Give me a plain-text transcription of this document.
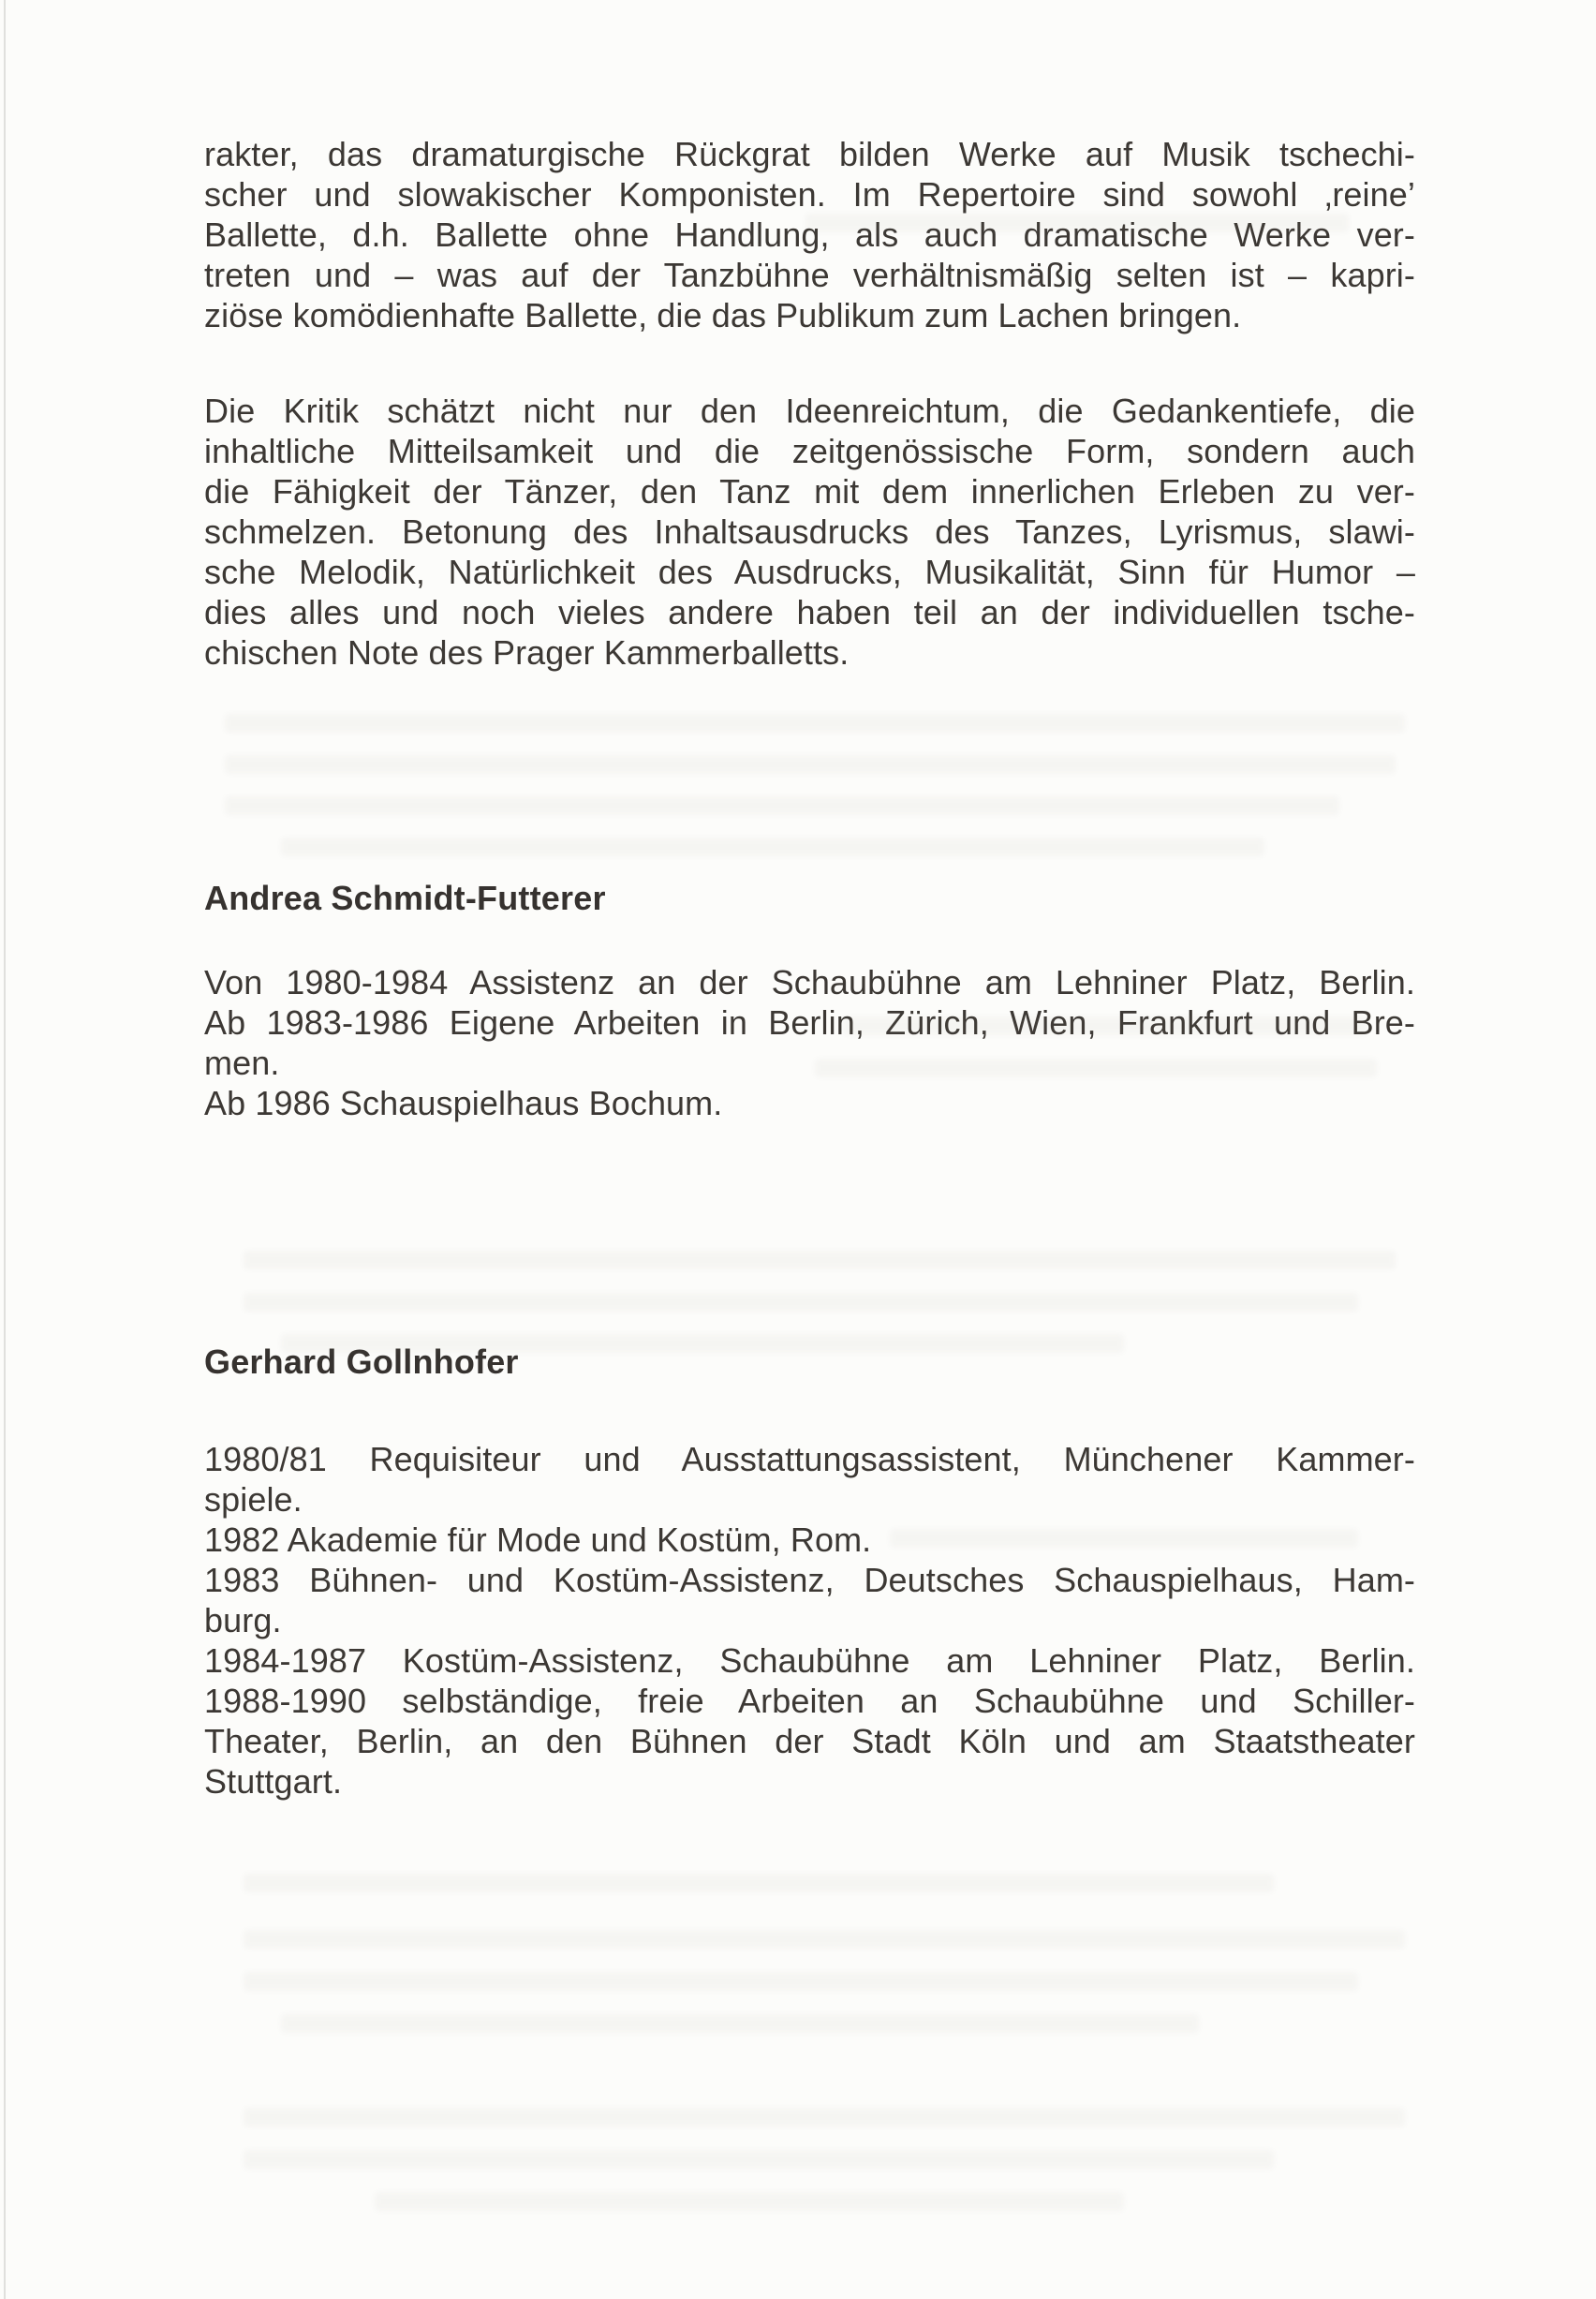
rakter, das dramaturgische Rückgrat bilden Werke auf Musik tschechi-
scher und slowakischer Komponisten. Im Repertoire sind sowohl ‚reine’
Ballette, d.h. Ballette ohne Handlung, als auch dramatische Werke ver-
treten und – was auf der Tanzbühne verhältnismäßig selten ist – kapri-
ziöse komödienhafte Ballette, die das Publikum zum Lachen bringen.
Die Kritik schätzt nicht nur den Ideenreichtum, die Gedankentiefe, die
inhaltliche Mitteilsamkeit und die zeitgenössische Form, sondern auch
die Fähigkeit der Tänzer, den Tanz mit dem innerlichen Erleben zu ver-
schmelzen. Betonung des Inhaltsausdrucks des Tanzes, Lyrismus, slawi-
sche Melodik, Natürlichkeit des Ausdrucks, Musikalität, Sinn für Humor –
dies alles und noch vieles andere haben teil an der individuellen tsche-
chischen Note des Prager Kammerballetts.
Andrea Schmidt-Futterer
Von 1980-1984 Assistenz an der Schaubühne am Lehniner Platz, Berlin.
Ab 1983-1986 Eigene Arbeiten in Berlin, Zürich, Wien, Frankfurt und Bre-
men.
Ab 1986 Schauspielhaus Bochum.
Gerhard Gollnhofer
1980/81 Requisiteur und Ausstattungsassistent, Münchener Kammer-
spiele.
1982 Akademie für Mode und Kostüm, Rom.
1983 Bühnen- und Kostüm-Assistenz, Deutsches Schauspielhaus, Ham-
burg.
1984-1987 Kostüm-Assistenz, Schaubühne am Lehniner Platz, Berlin.
1988-1990 selbständige, freie Arbeiten an Schaubühne und Schiller-
Theater, Berlin, an den Bühnen der Stadt Köln und am Staatstheater
Stuttgart.
